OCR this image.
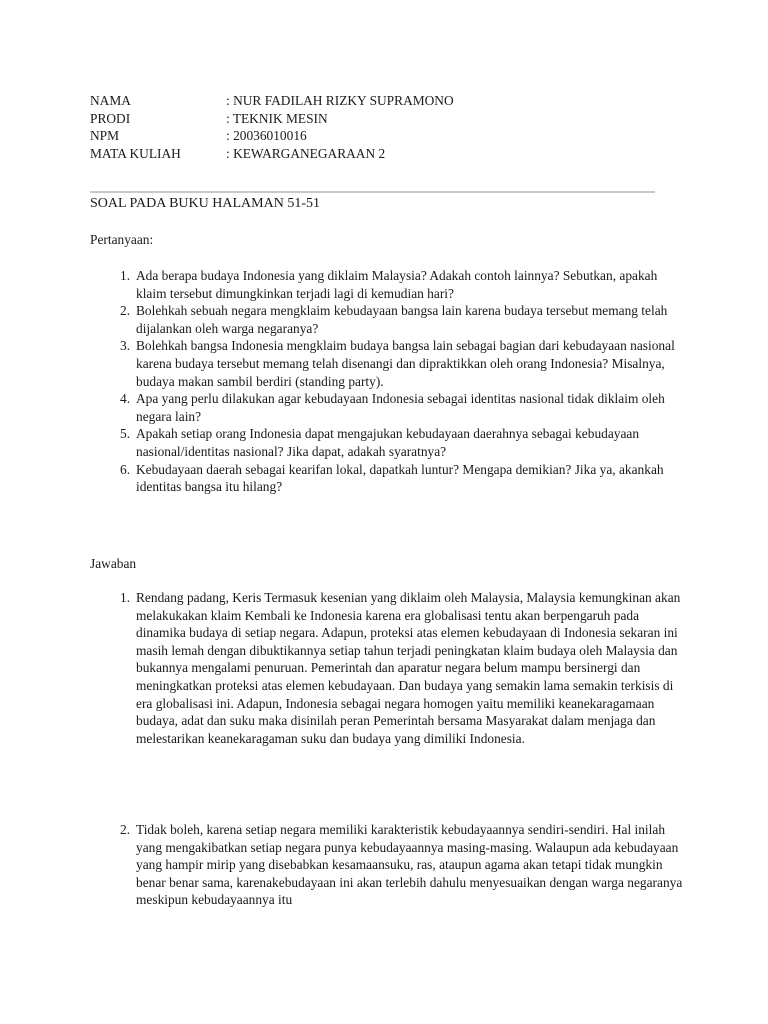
NAMA	: NUR FADILAH RIZKY SUPRAMONO
PRODI	: TEKNIK MESIN
NPM	: 20036010016
MATA KULIAH	: KEWARGANEGARAAN 2
SOAL PADA BUKU HALAMAN 51-51
Pertanyaan:
1. Ada berapa budaya Indonesia yang diklaim Malaysia? Adakah contoh lainnya? Sebutkan, apakah klaim tersebut dimungkinkan terjadi lagi di kemudian hari?
2. Bolehkah sebuah negara mengklaim kebudayaan bangsa lain karena budaya tersebut memang telah dijalankan oleh warga negaranya?
3. Bolehkah bangsa Indonesia mengklaim budaya bangsa lain sebagai bagian dari kebudayaan nasional karena budaya tersebut memang telah disenangi dan dipraktikkan oleh orang Indonesia? Misalnya, budaya makan sambil berdiri (standing party).
4. Apa yang perlu dilakukan agar kebudayaan Indonesia sebagai identitas nasional tidak diklaim oleh negara lain?
5. Apakah setiap orang Indonesia dapat mengajukan kebudayaan daerahnya sebagai kebudayaan nasional/identitas nasional? Jika dapat, adakah syaratnya?
6. Kebudayaan daerah sebagai kearifan lokal, dapatkah luntur? Mengapa demikian? Jika ya, akankah identitas bangsa itu hilang?
Jawaban
1. Rendang padang, Keris Termasuk kesenian yang diklaim oleh Malaysia, Malaysia kemungkinan akan melakukakan klaim Kembali ke Indonesia karena era globalisasi tentu akan berpengaruh pada dinamika budaya di setiap negara. Adapun, proteksi atas elemen kebudayaan di Indonesia sekaran ini masih lemah dengan dibuktikannya setiap tahun terjadi peningkatan klaim budaya oleh Malaysia dan bukannya mengalami penuruan. Pemerintah dan aparatur negara belum mampu bersinergi dan meningkatkan proteksi atas elemen kebudayaan. Dan budaya yang semakin lama semakin terkisis di era globalisasi ini. Adapun, Indonesia sebagai negara homogen yaitu memiliki keanekaragamaan budaya, adat dan suku maka disinilah peran Pemerintah bersama Masyarakat dalam menjaga dan melestarikan keanekaragaman suku dan budaya yang dimiliki Indonesia.
2. Tidak boleh, karena setiap negara memiliki karakteristik kebudayaannya sendiri-sendiri. Hal inilah yang mengakibatkan setiap negara punya kebudayaannya masing-masing. Walaupun ada kebudayaan yang hampir mirip yang disebabkan kesamaansuku, ras, ataupun agama akan tetapi tidak mungkin benar benar sama, karenakebudayaan ini akan terlebih dahulu menyesuaikan dengan warga negaranya meskipun kebudayaannya itu
